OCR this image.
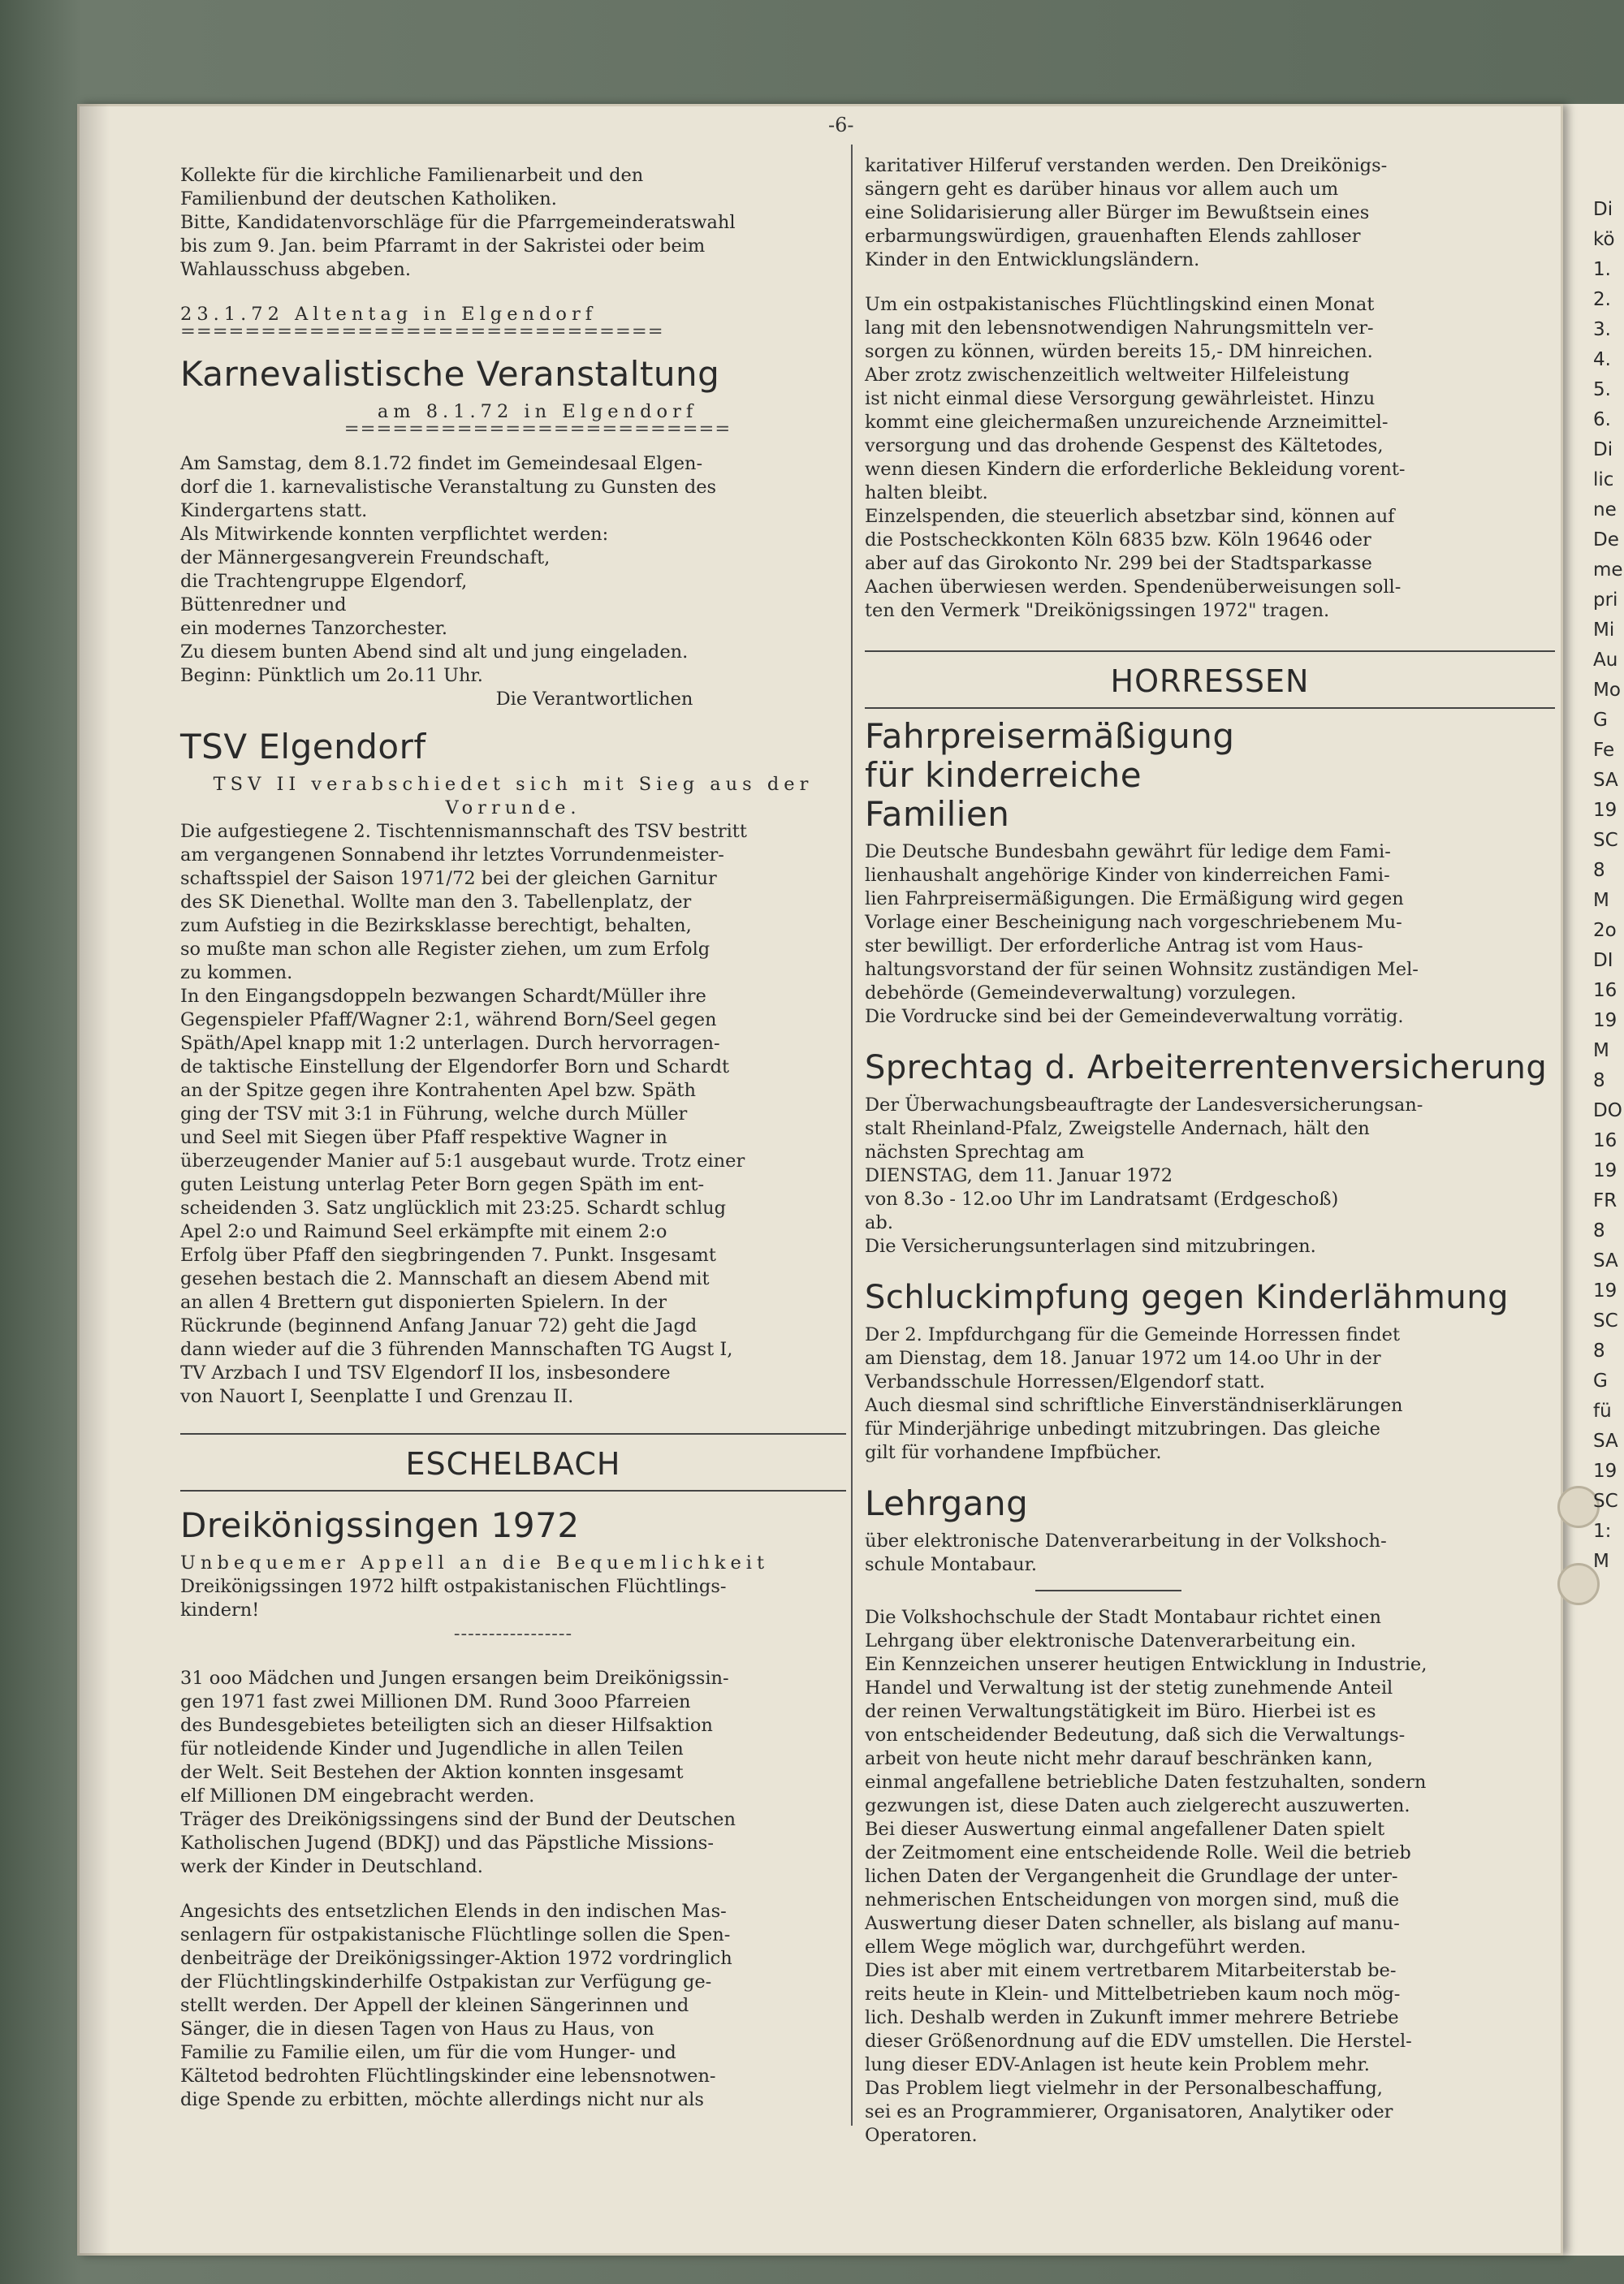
-6-

Kollekte für die kirchliche Familienarbeit und den
Familienbund der deutschen Katholiken.
Bitte, Kandidatenvorschläge für die Pfarrgemeinderatswahl
bis zum 9. Jan. beim Pfarramt in der Sakristei oder beim
Wahlausschuss abgeben.

23.1.72 Altentag in Elgendorf

==============================

Karnevalistische Veranstaltung

am 8.1.72 in Elgendorf

========================

Am Samstag, dem 8.1.72 findet im Gemeindesaal Elgen-
dorf die 1. karnevalistische Veranstaltung zu Gunsten des
Kindergartens statt.
Als Mitwirkende konnten verpflichtet werden:
der Männergesangverein Freundschaft,
die Trachtengruppe Elgendorf,
Büttenredner und
ein modernes Tanzorchester.
Zu diesem bunten Abend sind alt und jung eingeladen.
Beginn: Pünktlich um 2o.11 Uhr.

Die Verantwortlichen

TSV Elgendorf

TSV II verabschiedet sich mit Sieg aus der Vorrunde.

Die aufgestiegene 2. Tischtennismannschaft des TSV bestritt
am vergangenen Sonnabend ihr letztes Vorrundenmeister-
schaftsspiel der Saison 1971/72 bei der gleichen Garnitur
des SK Dienethal. Wollte man den 3. Tabellenplatz, der
zum Aufstieg in die Bezirksklasse berechtigt, behalten,
so mußte man schon alle Register ziehen, um zum Erfolg
zu kommen.
In den Eingangsdoppeln bezwangen Schardt/Müller ihre
Gegenspieler Pfaff/Wagner 2:1, während Born/Seel gegen
Späth/Apel knapp mit 1:2 unterlagen. Durch hervorragen-
de taktische Einstellung der Elgendorfer Born und Schardt
an der Spitze gegen ihre Kontrahenten Apel bzw. Späth
ging der TSV mit 3:1 in Führung, welche durch Müller
und Seel mit Siegen über Pfaff respektive Wagner in
überzeugender Manier auf 5:1 ausgebaut wurde. Trotz einer
guten Leistung unterlag Peter Born gegen Späth im ent-
scheidenden 3. Satz unglücklich mit 23:25. Schardt schlug
Apel 2:o und Raimund Seel erkämpfte mit einem 2:o
Erfolg über Pfaff den siegbringenden 7. Punkt. Insgesamt
gesehen bestach die 2. Mannschaft an diesem Abend mit
an allen 4 Brettern gut disponierten Spielern. In der
Rückrunde (beginnend Anfang Januar 72) geht die Jagd
dann wieder auf die 3 führenden Mannschaften TG Augst I,
TV Arzbach I und TSV Elgendorf II los, insbesondere
von Nauort I, Seenplatte I und Grenzau II.

ESCHELBACH
Dreikönigssingen 1972

Unbequemer Appell an die Bequemlichkeit

Dreikönigssingen 1972 hilft ostpakistanischen Flüchtlings-
kindern!

-----------------

31 ooo Mädchen und Jungen ersangen beim Dreikönigssin-
gen 1971 fast zwei Millionen DM. Rund 3ooo Pfarreien
des Bundesgebietes beteiligten sich an dieser Hilfsaktion
für notleidende Kinder und Jugendliche in allen Teilen
der Welt. Seit Bestehen der Aktion konnten insgesamt
elf Millionen DM eingebracht werden.
Träger des Dreikönigssingens sind der Bund der Deutschen
Katholischen Jugend (BDKJ) und das Päpstliche Missions-
werk der Kinder in Deutschland.

Angesichts des entsetzlichen Elends in den indischen Mas-
senlagern für ostpakistanische Flüchtlinge sollen die Spen-
denbeiträge der Dreikönigssinger-Aktion 1972 vordringlich
der Flüchtlingskinderhilfe Ostpakistan zur Verfügung ge-
stellt werden. Der Appell der kleinen Sängerinnen und
Sänger, die in diesen Tagen von Haus zu Haus, von
Familie zu Familie eilen, um für die vom Hunger- und
Kältetod bedrohten Flüchtlingskinder eine lebensnotwen-
dige Spende zu erbitten, möchte allerdings nicht nur als

karitativer Hilferuf verstanden werden. Den Dreikönigs-
sängern geht es darüber hinaus vor allem auch um
eine Solidarisierung aller Bürger im Bewußtsein eines
erbarmungswürdigen, grauenhaften Elends zahlloser
Kinder in den Entwicklungsländern.

Um ein ostpakistanisches Flüchtlingskind einen Monat
lang mit den lebensnotwendigen Nahrungsmitteln ver-
sorgen zu können, würden bereits 15,- DM hinreichen.
Aber zrotz zwischenzeitlich weltweiter Hilfeleistung
ist nicht einmal diese Versorgung gewährleistet. Hinzu
kommt eine gleichermaßen unzureichende Arzneimittel-
versorgung und das drohende Gespenst des Kältetodes,
wenn diesen Kindern die erforderliche Bekleidung vorent-
halten bleibt.
Einzelspenden, die steuerlich absetzbar sind, können auf
die Postscheckkonten Köln 6835 bzw. Köln 19646 oder
aber auf das Girokonto Nr. 299 bei der Stadtsparkasse
Aachen überwiesen werden. Spendenüberweisungen soll-
ten den Vermerk "Dreikönigssingen 1972" tragen.

HORRESSEN
Fahrpreisermäßigung für kinderreiche Familien

Die Deutsche Bundesbahn gewährt für ledige dem Fami-
lienhaushalt angehörige Kinder von kinderreichen Fami-
lien Fahrpreisermäßigungen. Die Ermäßigung wird gegen
Vorlage einer Bescheinigung nach vorgeschriebenem Mu-
ster bewilligt. Der erforderliche Antrag ist vom Haus-
haltungsvorstand der für seinen Wohnsitz zuständigen Mel-
debehörde (Gemeindeverwaltung) vorzulegen.
Die Vordrucke sind bei der Gemeindeverwaltung vorrätig.

Sprechtag d. Arbeiterrentenversicherung

Der Überwachungsbeauftragte der Landesversicherungsan-
stalt Rheinland-Pfalz, Zweigstelle Andernach, hält den
nächsten Sprechtag am
DIENSTAG, dem 11. Januar 1972
von 8.3o - 12.oo Uhr im Landratsamt (Erdgeschoß)
ab.
Die Versicherungsunterlagen sind mitzubringen.

Schluckimpfung gegen Kinderlähmung

Der 2. Impfdurchgang für die Gemeinde Horressen findet
am Dienstag, dem 18. Januar 1972 um 14.oo Uhr in der
Verbandsschule Horressen/Elgendorf statt.
Auch diesmal sind schriftliche Einverständniserklärungen
für Minderjährige unbedingt mitzubringen. Das gleiche
gilt für vorhandene Impfbücher.

Lehrgang

über elektronische Datenverarbeitung in der Volkshoch-
schule Montabaur.

Die Volkshochschule der Stadt Montabaur richtet einen
Lehrgang über elektronische Datenverarbeitung ein.
Ein Kennzeichen unserer heutigen Entwicklung in Industrie,
Handel und Verwaltung ist der stetig zunehmende Anteil
der reinen Verwaltungstätigkeit im Büro. Hierbei ist es
von entscheidender Bedeutung, daß sich die Verwaltungs-
arbeit von heute nicht mehr darauf beschränken kann,
einmal angefallene betriebliche Daten festzuhalten, sondern
gezwungen ist, diese Daten auch zielgerecht auszuwerten.
Bei dieser Auswertung einmal angefallener Daten spielt
der Zeitmoment eine entscheidende Rolle. Weil die betrieb
lichen Daten der Vergangenheit die Grundlage der unter-
nehmerischen Entscheidungen von morgen sind, muß die
Auswertung dieser Daten schneller, als bislang auf manu-
ellem Wege möglich war, durchgeführt werden.
Dies ist aber mit einem vertretbarem Mitarbeiterstab be-
reits heute in Klein- und Mittelbetrieben kaum noch mög-
lich. Deshalb werden in Zukunft immer mehrere Betriebe
dieser Größenordnung auf die EDV umstellen. Die Herstel-
lung dieser EDV-Anlagen ist heute kein Problem mehr.
Das Problem liegt vielmehr in der Personalbeschaffung,
sei es an Programmierer, Organisatoren, Analytiker oder
Operatoren.

Di
kö
1.
2.
3.
4.
5.
6.
Di
lic
ne
De
me
pri
Mi
Au
Mo
G
Fe
SA
19
SC
8
M
2o
DI
16
19
M
8
DO
16
19
FR
8
SA
19
SC
8
G
fü
SA
19
SC
1:
M
